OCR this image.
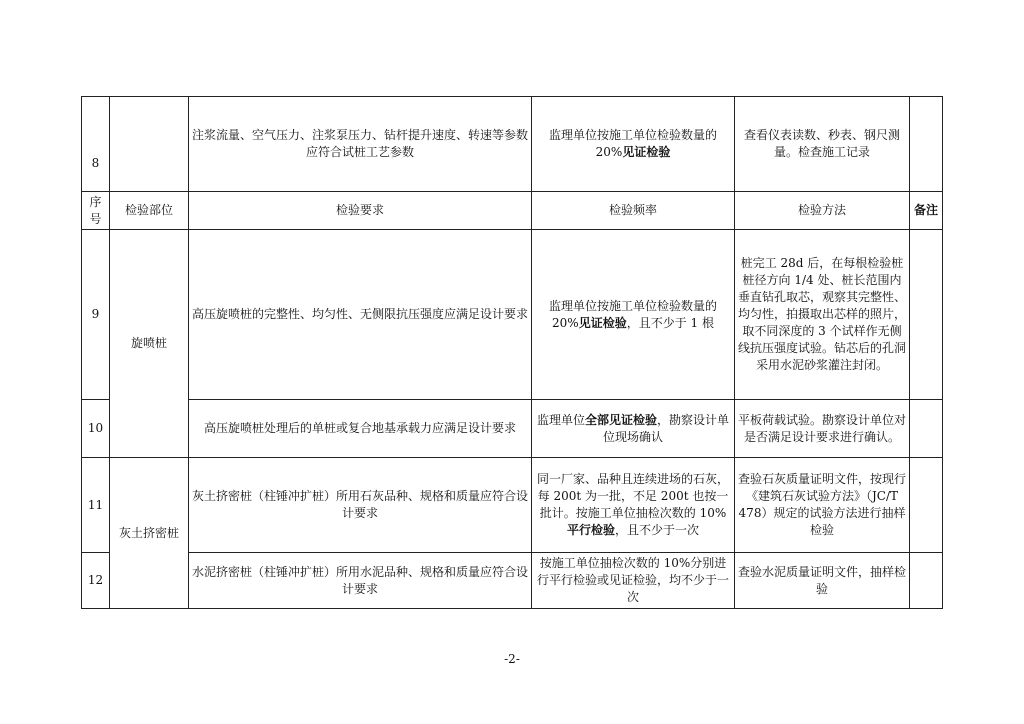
8		注浆流量、空气压力、注浆泵压力、钻杆提升速度、转速等参数应符合试桩工艺参数	监理单位按施工单位检验数量的 20%见证检验	查看仪表读数、秒表、钢尺测量。检查施工记录	
序号	检验部位	检验要求	检验频率	检验方法	备注
9	旋喷桩	高压旋喷桩的完整性、均匀性、无侧限抗压强度应满足设计要求	监理单位按施工单位检验数量的 20%见证检验，且不少于 1 根	桩完工 28d 后，在每根检验桩桩径方向 1/4 处、桩长范围内垂直钻孔取芯，观察其完整性、均匀性，拍摄取出芯样的照片，取不同深度的 3 个试样作无侧线抗压强度试验。钻芯后的孔洞采用水泥砂浆灌注封闭。	
10		高压旋喷桩处理后的单桩或复合地基承载力应满足设计要求	监理单位全部见证检验，勘察设计单位现场确认	平板荷载试验。勘察设计单位对是否满足设计要求进行确认。	
11	灰土挤密桩	灰土挤密桩（柱锤冲扩桩）所用石灰品种、规格和质量应符合设计要求	同一厂家、品种且连续进场的石灰，每 200t 为一批，不足 200t 也按一批计。按施工单位抽检次数的 10%平行检验，且不少于一次	查验石灰质量证明文件，按现行《建筑石灰试验方法》（JC/T 478）规定的试验方法进行抽样检验	
12		水泥挤密桩（柱锤冲扩桩）所用水泥品种、规格和质量应符合设计要求	按施工单位抽检次数的 10%分别进行平行检验或见证检验，均不少于一次	查验水泥质量证明文件，抽样检验	
-2-
